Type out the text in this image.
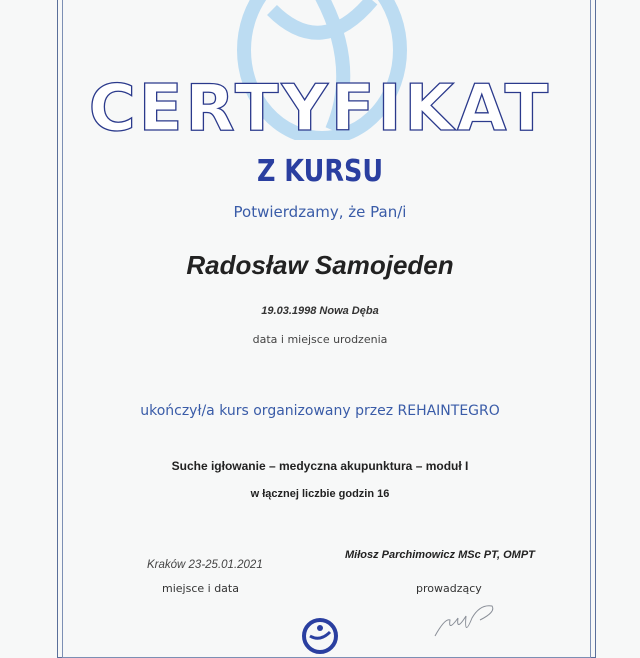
CERTYFIKAT
Z KURSU
Potwierdzamy, że Pan/i
Radosław Samojeden
19.03.1998 Nowa Dęba
data i miejsce urodzenia
ukończył/a kurs organizowany przez REHAINTEGRO
Suche igłowanie – medyczna akupunktura – moduł I
w łącznej liczbie godzin 16
Kraków 23-25.01.2021
miejsce i data
Miłosz Parchimowicz MSc PT, OMPT
prowadzący
